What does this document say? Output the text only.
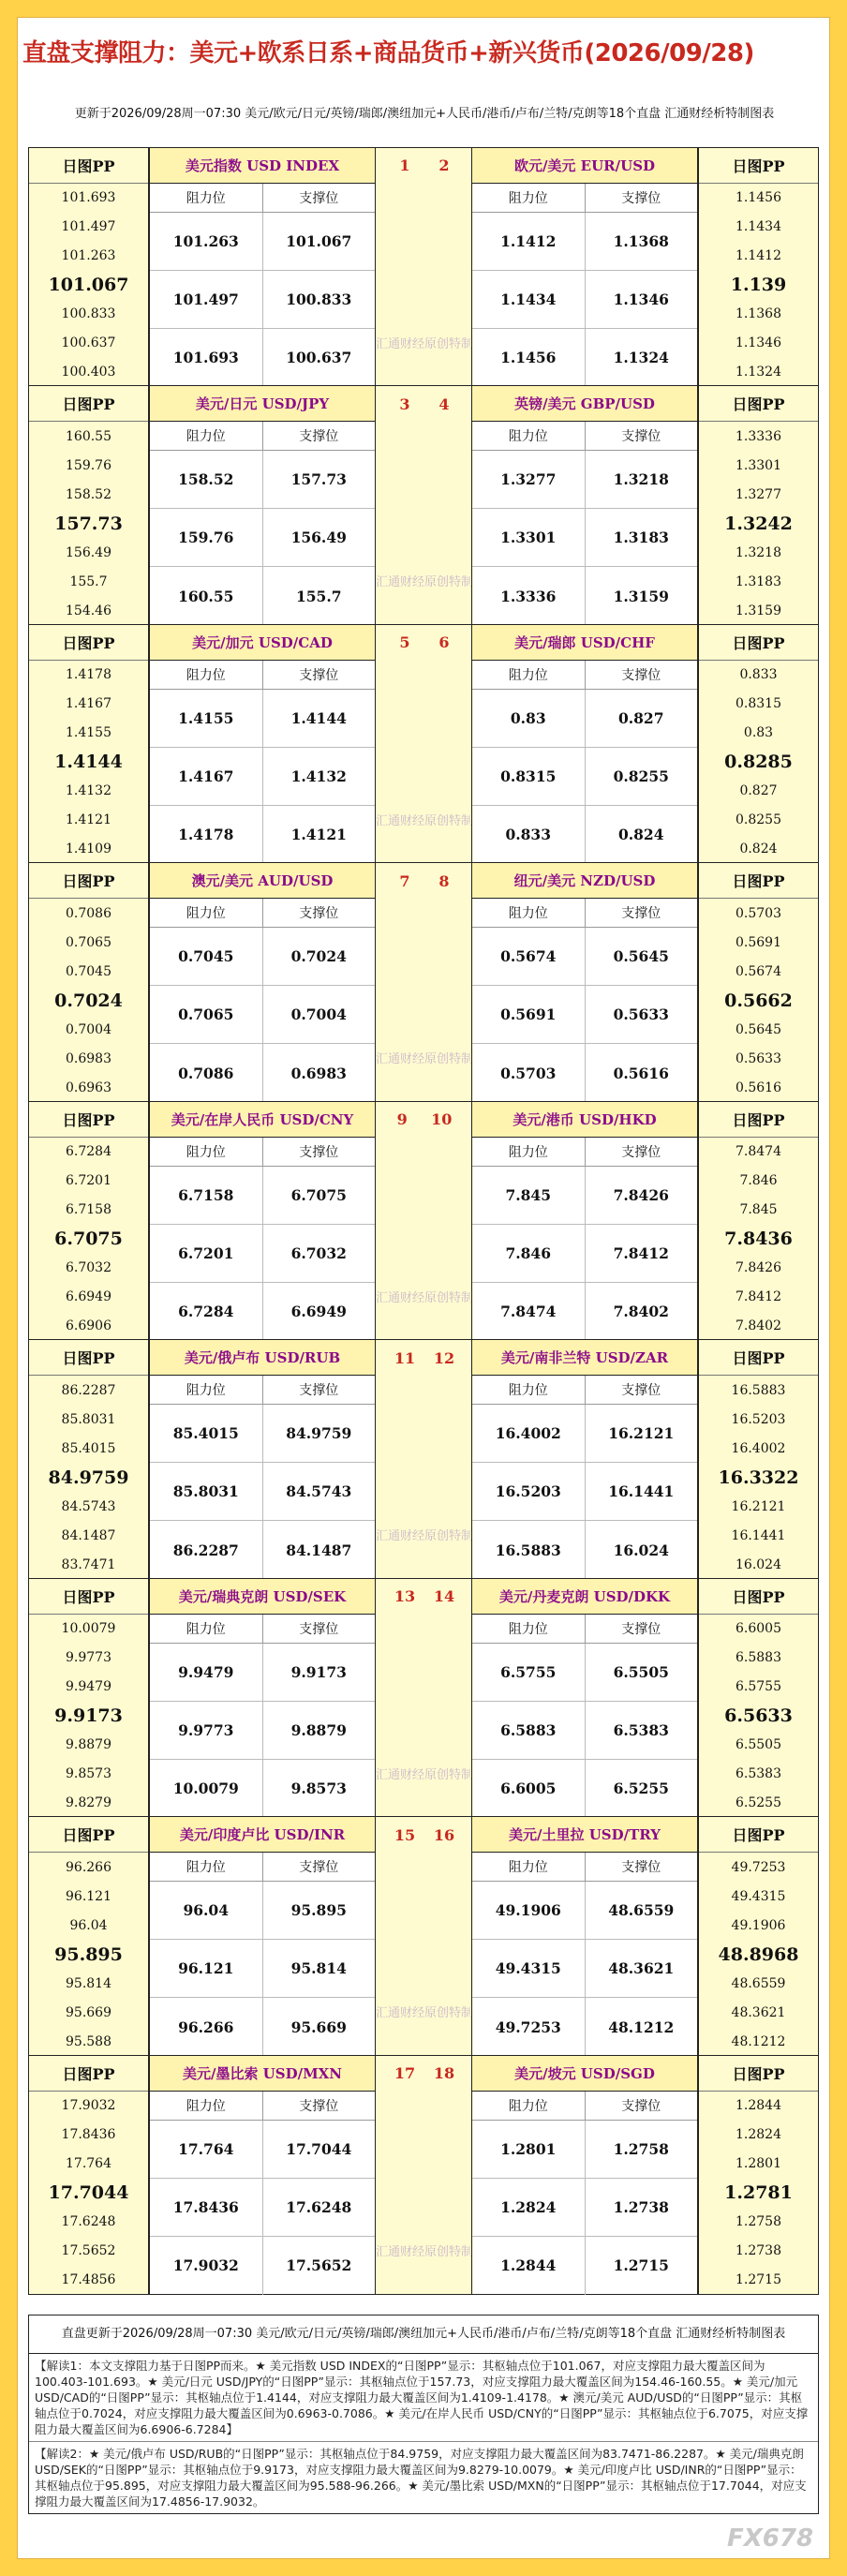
直盘支撑阻力：美元+欧系日系+商品货币+新兴货币(2026/09/28)
更新于2026/09/28周一07:30 美元/欧元/日元/英镑/瑞郎/澳纽加元+人民币/港币/卢布/兰特/克朗等18个直盘 汇通财经析特制图表
日图PP
101.693
101.497
101.263
101.067
100.833
100.637
100.403
美元指数 USD INDEX
阻力位	支撑位
101.263	101.067
101.497	100.833
101.693	100.637
1 2
汇通财经原创特制
欧元/美元 EUR/USD
阻力位	支撑位
1.1412	1.1368
1.1434	1.1346
1.1456	1.1324
日图PP
1.1456
1.1434
1.1412
1.139
1.1368
1.1346
1.1324
日图PP
160.55
159.76
158.52
157.73
156.49
155.7
154.46
美元/日元 USD/JPY
阻力位	支撑位
158.52	157.73
159.76	156.49
160.55	155.7
3 4
汇通财经原创特制
英镑/美元 GBP/USD
阻力位	支撑位
1.3277	1.3218
1.3301	1.3183
1.3336	1.3159
日图PP
1.3336
1.3301
1.3277
1.3242
1.3218
1.3183
1.3159
日图PP
1.4178
1.4167
1.4155
1.4144
1.4132
1.4121
1.4109
美元/加元 USD/CAD
阻力位	支撑位
1.4155	1.4144
1.4167	1.4132
1.4178	1.4121
5 6
汇通财经原创特制
美元/瑞郎 USD/CHF
阻力位	支撑位
0.83	0.827
0.8315	0.8255
0.833	0.824
日图PP
0.833
0.8315
0.83
0.8285
0.827
0.8255
0.824
日图PP
0.7086
0.7065
0.7045
0.7024
0.7004
0.6983
0.6963
澳元/美元 AUD/USD
阻力位	支撑位
0.7045	0.7024
0.7065	0.7004
0.7086	0.6983
7 8
汇通财经原创特制
纽元/美元 NZD/USD
阻力位	支撑位
0.5674	0.5645
0.5691	0.5633
0.5703	0.5616
日图PP
0.5703
0.5691
0.5674
0.5662
0.5645
0.5633
0.5616
日图PP
6.7284
6.7201
6.7158
6.7075
6.7032
6.6949
6.6906
美元/在岸人民币 USD/CNY
阻力位	支撑位
6.7158	6.7075
6.7201	6.7032
6.7284	6.6949
9 10
汇通财经原创特制
美元/港币 USD/HKD
阻力位	支撑位
7.845	7.8426
7.846	7.8412
7.8474	7.8402
日图PP
7.8474
7.846
7.845
7.8436
7.8426
7.8412
7.8402
日图PP
86.2287
85.8031
85.4015
84.9759
84.5743
84.1487
83.7471
美元/俄卢布 USD/RUB
阻力位	支撑位
85.4015	84.9759
85.8031	84.5743
86.2287	84.1487
11 12
汇通财经原创特制
美元/南非兰特 USD/ZAR
阻力位	支撑位
16.4002	16.2121
16.5203	16.1441
16.5883	16.024
日图PP
16.5883
16.5203
16.4002
16.3322
16.2121
16.1441
16.024
日图PP
10.0079
9.9773
9.9479
9.9173
9.8879
9.8573
9.8279
美元/瑞典克朗 USD/SEK
阻力位	支撑位
9.9479	9.9173
9.9773	9.8879
10.0079	9.8573
13 14
汇通财经原创特制
美元/丹麦克朗 USD/DKK
阻力位	支撑位
6.5755	6.5505
6.5883	6.5383
6.6005	6.5255
日图PP
6.6005
6.5883
6.5755
6.5633
6.5505
6.5383
6.5255
日图PP
96.266
96.121
96.04
95.895
95.814
95.669
95.588
美元/印度卢比 USD/INR
阻力位	支撑位
96.04	95.895
96.121	95.814
96.266	95.669
15 16
汇通财经原创特制
美元/土里拉 USD/TRY
阻力位	支撑位
49.1906	48.6559
49.4315	48.3621
49.7253	48.1212
日图PP
49.7253
49.4315
49.1906
48.8968
48.6559
48.3621
48.1212
日图PP
17.9032
17.8436
17.764
17.7044
17.6248
17.5652
17.4856
美元/墨比索 USD/MXN
阻力位	支撑位
17.764	17.7044
17.8436	17.6248
17.9032	17.5652
17 18
汇通财经原创特制
美元/坡元 USD/SGD
阻力位	支撑位
1.2801	1.2758
1.2824	1.2738
1.2844	1.2715
日图PP
1.2844
1.2824
1.2801
1.2781
1.2758
1.2738
1.2715
直盘更新于2026/09/28周一07:30 美元/欧元/日元/英镑/瑞郎/澳纽加元+人民币/港币/卢布/兰特/克朗等18个直盘 汇通财经析特制图表
【解读1：本文支撑阻力基于日图PP而来。★ 美元指数 USD INDEX的“日图PP”显示：其枢轴点位于101.067，对应支撑阻力最大覆盖区间为100.403-101.693。★ 美元/日元 USD/JPY的“日图PP”显示：其枢轴点位于157.73，对应支撑阻力最大覆盖区间为154.46-160.55。★ 美元/加元 USD/CAD的“日图PP”显示：其枢轴点位于1.4144，对应支撑阻力最大覆盖区间为1.4109-1.4178。★ 澳元/美元 AUD/USD的“日图PP”显示：其枢轴点位于0.7024，对应支撑阻力最大覆盖区间为0.6963-0.7086。★ 美元/在岸人民币 USD/CNY的“日图PP”显示：其枢轴点位于6.7075，对应支撑阻力最大覆盖区间为6.6906-6.7284】
【解读2：★ 美元/俄卢布 USD/RUB的“日图PP”显示：其枢轴点位于84.9759，对应支撑阻力最大覆盖区间为83.7471-86.2287。★ 美元/瑞典克朗 USD/SEK的“日图PP”显示：其枢轴点位于9.9173，对应支撑阻力最大覆盖区间为9.8279-10.0079。★ 美元/印度卢比 USD/INR的“日图PP”显示：其枢轴点位于95.895，对应支撑阻力最大覆盖区间为95.588-96.266。★ 美元/墨比索 USD/MXN的“日图PP”显示：其枢轴点位于17.7044，对应支撑阻力最大覆盖区间为17.4856-17.9032。
FX678
